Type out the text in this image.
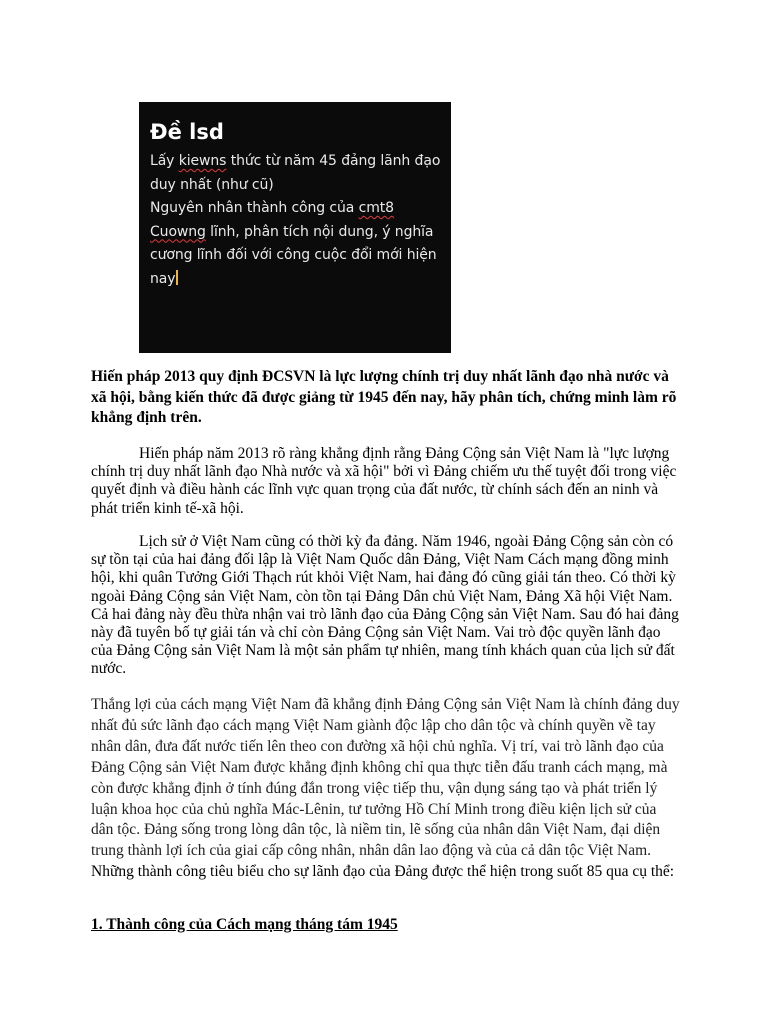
Đề lsd
Lấy kiewns thức từ năm 45 đảng lãnh đạo
duy nhất (như cũ)
Nguyên nhân thành công của cmt8
Cuowng lĩnh, phân tích nội dung, ý nghĩa
cương lĩnh đối với công cuộc đổi mới hiện
nay

Hiến pháp 2013 quy định ĐCSVN là lực lượng chính trị duy nhất lãnh đạo nhà nước và xã hội, bằng kiến thức đã được giảng từ 1945 đến nay, hãy phân tích, chứng minh làm rõ khẳng định trên.

Hiến pháp năm 2013 rõ ràng khẳng định rằng Đảng Cộng sản Việt Nam là "lực lượng chính trị duy nhất lãnh đạo Nhà nước và xã hội" bởi vì Đảng chiếm ưu thế tuyệt đối trong việc quyết định và điều hành các lĩnh vực quan trọng của đất nước, từ chính sách đến an ninh và phát triển kinh tế-xã hội.

Lịch sử ở Việt Nam cũng có thời kỳ đa đảng. Năm 1946, ngoài Đảng Cộng sản còn có sự tồn tại của hai đảng đối lập là Việt Nam Quốc dân Đảng, Việt Nam Cách mạng đồng minh hội, khi quân Tưởng Giới Thạch rút khỏi Việt Nam, hai đảng đó cũng giải tán theo. Có thời kỳ ngoài Đảng Cộng sản Việt Nam, còn tồn tại Đảng Dân chủ Việt Nam, Đảng Xã hội Việt Nam. Cả hai đảng này đều thừa nhận vai trò lãnh đạo của Đảng Cộng sản Việt Nam. Sau đó hai đảng này đã tuyên bố tự giải tán và chỉ còn Đảng Cộng sản Việt Nam. Vai trò độc quyền lãnh đạo của Đảng Cộng sản Việt Nam là một sản phẩm tự nhiên, mang tính khách quan của lịch sử đất nước.

Thắng lợi của cách mạng Việt Nam đã khẳng định Đảng Cộng sản Việt Nam là chính đảng duy nhất đủ sức lãnh đạo cách mạng Việt Nam giành độc lập cho dân tộc và chính quyền về tay nhân dân, đưa đất nước tiến lên theo con đường xã hội chủ nghĩa. Vị trí, vai trò lãnh đạo của Đảng Cộng sản Việt Nam được khẳng định không chỉ qua thực tiễn đấu tranh cách mạng, mà còn được khẳng định ở tính đúng đắn trong việc tiếp thu, vận dụng sáng tạo và phát triển lý luận khoa học của chủ nghĩa Mác-Lênin, tư tưởng Hồ Chí Minh trong điều kiện lịch sử của dân tộc. Đảng sống trong lòng dân tộc, là niềm tin, lẽ sống của nhân dân Việt Nam, đại diện trung thành lợi ích của giai cấp công nhân, nhân dân lao động và của cả dân tộc Việt Nam. Những thành công tiêu biểu cho sự lãnh đạo của Đảng được thể hiện trong suốt 85 qua cụ thể:

1. Thành công của Cách mạng tháng tám 1945
